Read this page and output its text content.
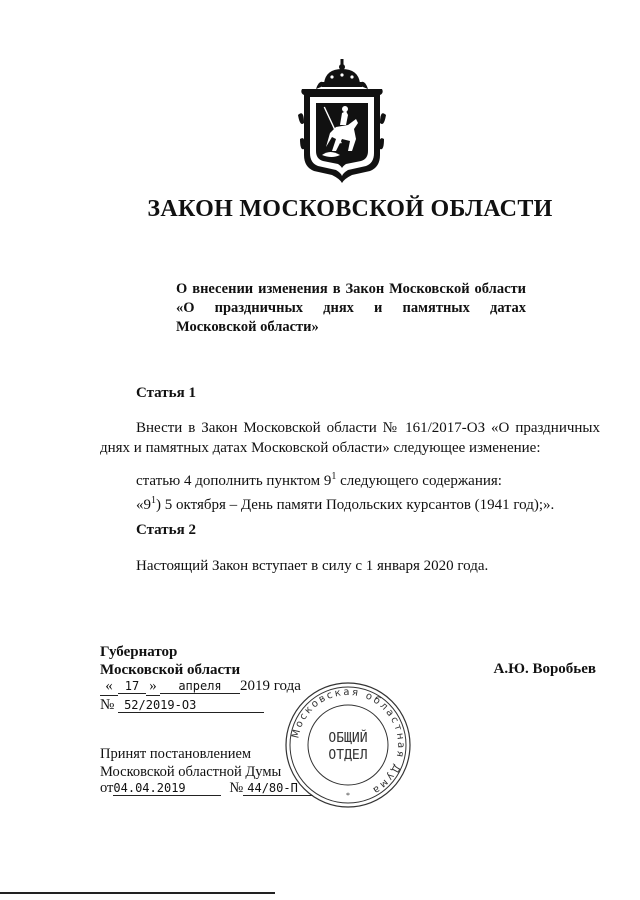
ЗАКОН МОСКОВСКОЙ ОБЛАСТИ
О внесении изменения в Закон Московской области «О праздничных днях и памятных датах Московской области»
Статья 1
Внести в Закон Московской области № 161/2017-ОЗ «О праздничных днях и памятных датах Московской области» следующее изменение:
статью 4 дополнить пунктом $9^1$ следующего содержания:
«$9^1$) 5 октября – День памяти Подольских курсантов (1941 год);».
Статья 2
Настоящий Закон вступает в силу с 1 января 2020 года.
Губернатор
Московской области	А.Ю. Воробьев
« 17 » апреля 2019 года
№ 52/2019-ОЗ
Принят постановлением
Московской областной Думы
от04.04.2019	№ 44/80-П
Московская областная Дума
ОБЩИЙ
ОТДЕЛ
*
